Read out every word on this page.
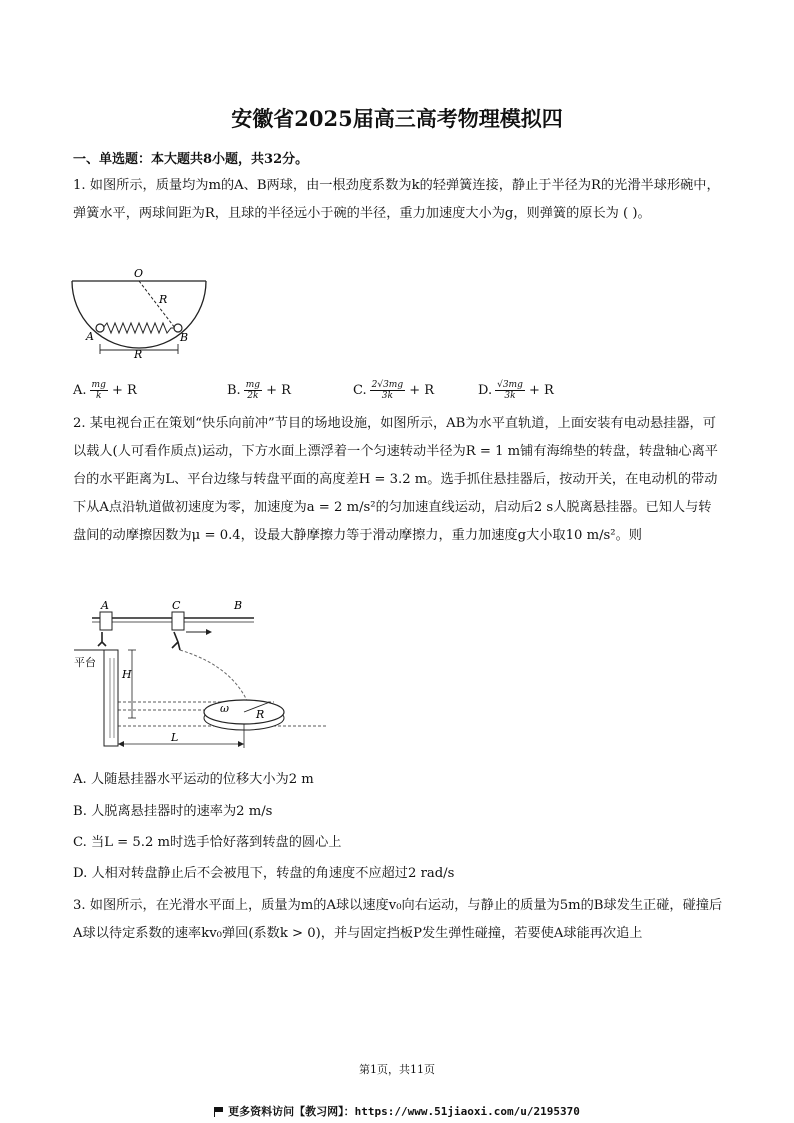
安徽省2025届高三高考物理模拟四
一、单选题：本大题共8小题，共32分。
1. 如图所示，质量均为m的A、B两球，由一根劲度系数为k的轻弹簧连接，静止于半径为R的光滑半球形碗中，弹簧水平，两球间距为R，且球的半径远小于碗的半径，重力加速度大小为g，则弹簧的原长为 ( )。
O
R
A	B
R
A. $\frac{mg}{k} + R$	B. $\frac{mg}{2k} + R$	C. $\frac{2√3mg}{3k} + R$	D. $\frac{√3mg}{3k} + R$
2. 某电视台正在策划“快乐向前冲”节目的场地设施，如图所示，AB为水平直轨道，上面安装有电动悬挂器，可以载人(人可看作质点)运动，下方水面上漂浮着一个匀速转动半径为R = 1 m铺有海绵垫的转盘，转盘轴心离平台的水平距离为L、平台边缘与转盘平面的高度差H = 3.2 m。选手抓住悬挂器后，按动开关，在电动机的带动下从A点沿轨道做初速度为零，加速度为a = 2 m/s²的匀加速直线运动，启动后2 s人脱离悬挂器。已知人与转盘间的动摩擦因数为μ = 0.4，设最大静摩擦力等于滑动摩擦力，重力加速度g大小取10 m/s²。则
A	C	B
平台
H
ω R
L
A. 人随悬挂器水平运动的位移大小为2 m
B. 人脱离悬挂器时的速率为2 m/s
C. 当L = 5.2 m时选手恰好落到转盘的圆心上
D. 人相对转盘静止后不会被甩下，转盘的角速度不应超过2 rad/s
3. 如图所示，在光滑水平面上，质量为m的A球以速度v₀向右运动，与静止的质量为5m的B球发生正碰，碰撞后A球以待定系数的速率kv₀弹回(系数k > 0)，并与固定挡板P发生弹性碰撞，若要使A球能再次追上
第1页，共11页
更多资料访问【教习网】：https://www.51jiaoxi.com/u/2195370
